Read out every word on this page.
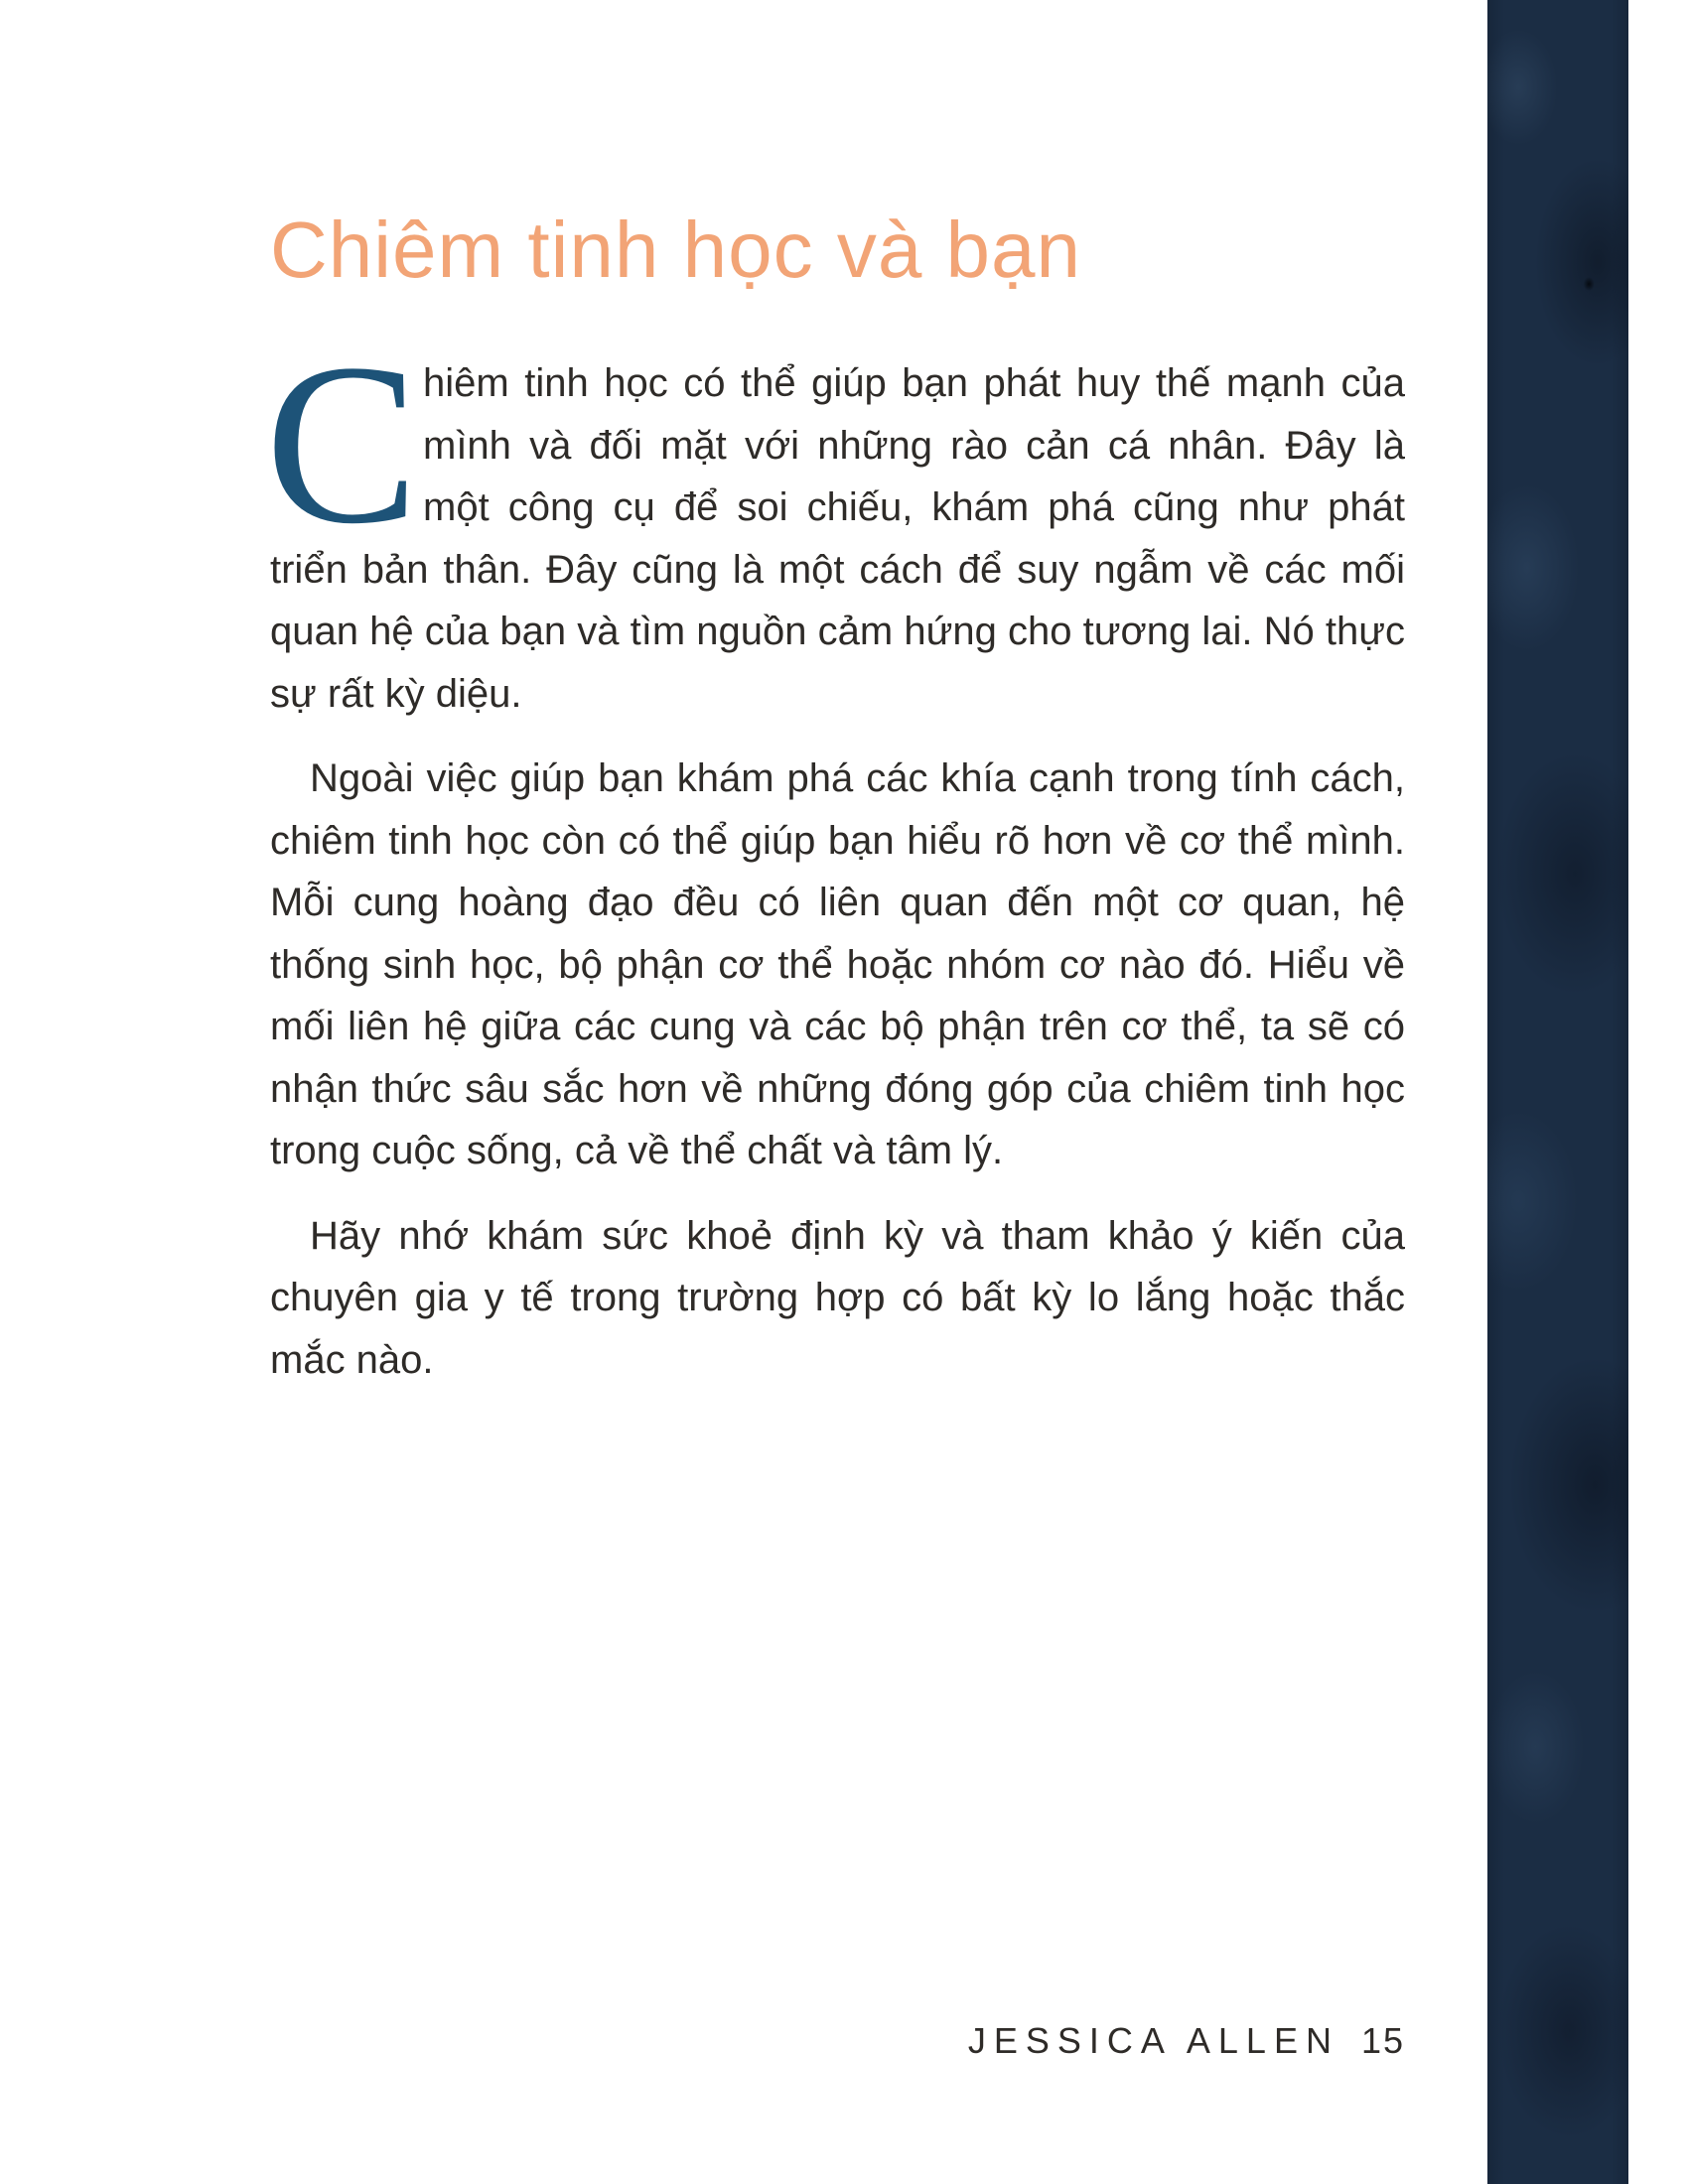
Chiêm tinh học và bạn

C hiêm tinh học có thể giúp bạn phát huy thế mạnh của mình và đối mặt với những rào cản cá nhân. Đây là một công cụ để soi chiếu, khám phá cũng như phát triển bản thân. Đây cũng là một cách để suy ngẫm về các mối quan hệ của bạn và tìm nguồn cảm hứng cho tương lai. Nó thực sự rất kỳ diệu.

Ngoài việc giúp bạn khám phá các khía cạnh trong tính cách, chiêm tinh học còn có thể giúp bạn hiểu rõ hơn về cơ thể mình. Mỗi cung hoàng đạo đều có liên quan đến một cơ quan, hệ thống sinh học, bộ phận cơ thể hoặc nhóm cơ nào đó. Hiểu về mối liên hệ giữa các cung và các bộ phận trên cơ thể, ta sẽ có nhận thức sâu sắc hơn về những đóng góp của chiêm tinh học trong cuộc sống, cả về thể chất và tâm lý.

Hãy nhớ khám sức khoẻ định kỳ và tham khảo ý kiến của chuyên gia y tế trong trường hợp có bất kỳ lo lắng hoặc thắc mắc nào.

JESSICA ALLEN 15
